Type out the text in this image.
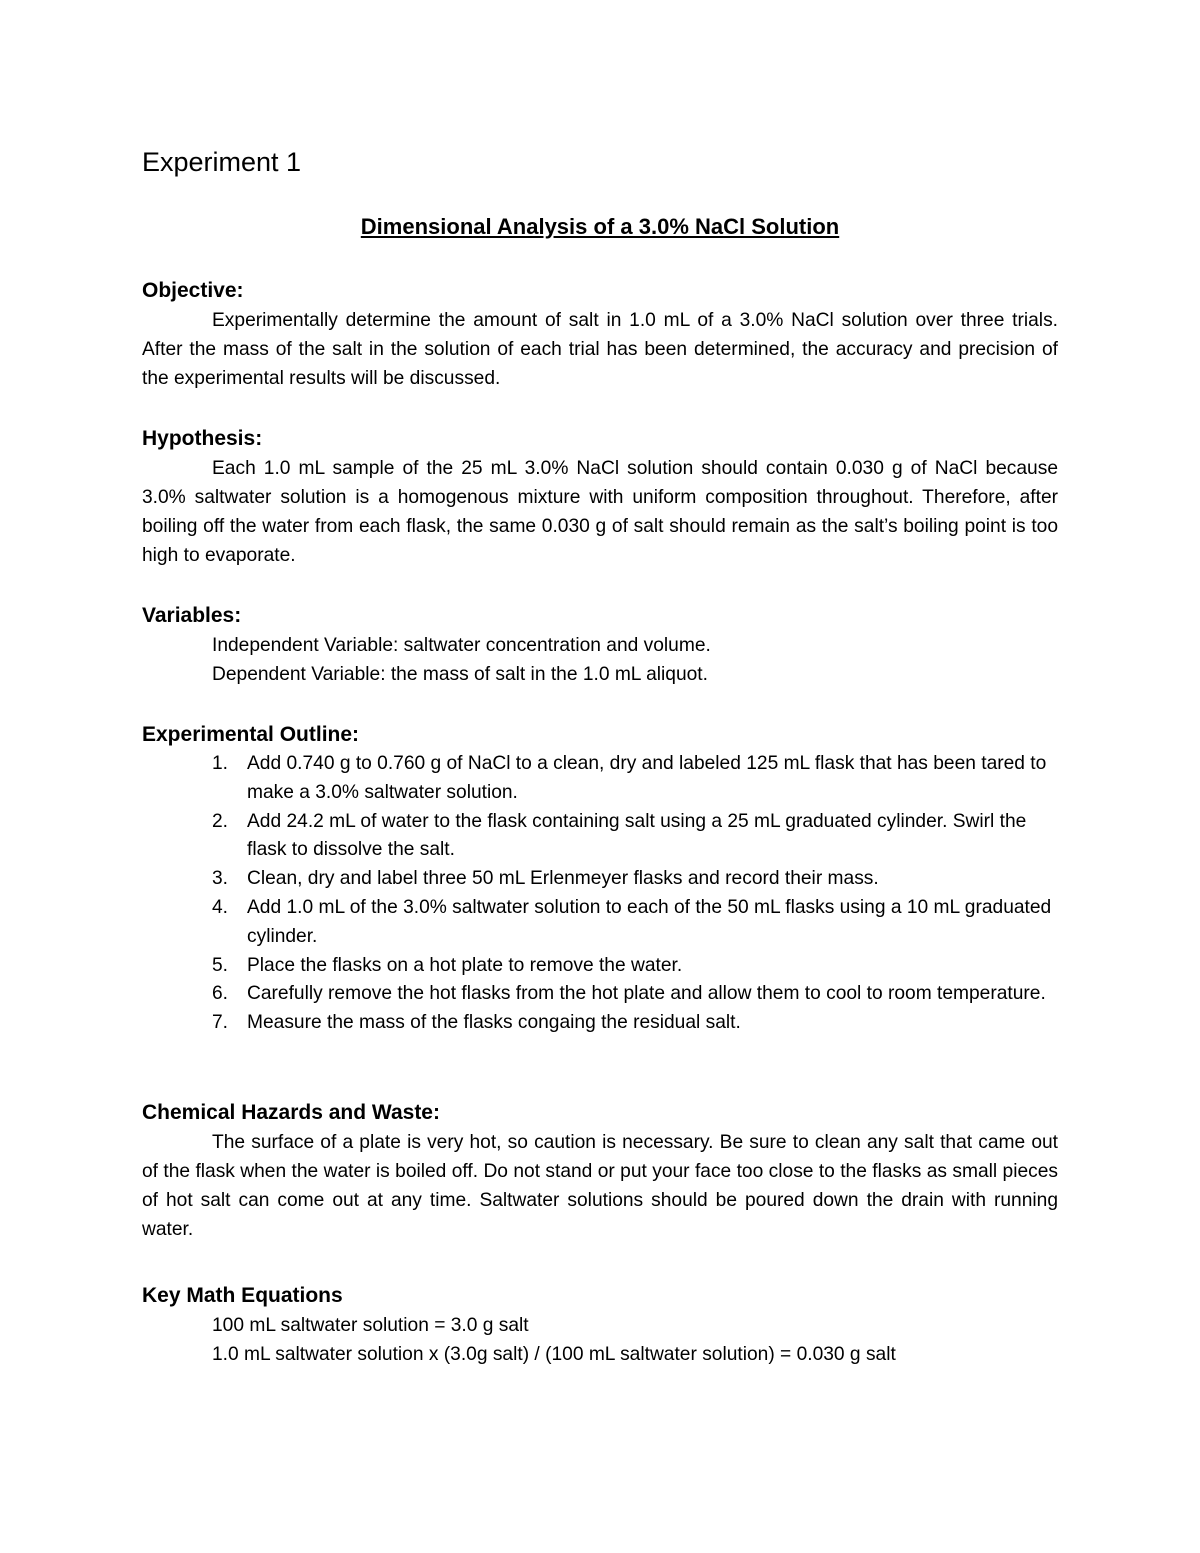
Experiment 1
Dimensional Analysis of a 3.0% NaCl Solution
Objective:
Experimentally determine the amount of salt in 1.0 mL of a 3.0% NaCl solution over three trials. After the mass of the salt in the solution of each trial has been determined, the accuracy and precision of the experimental results will be discussed.
Hypothesis:
Each 1.0 mL sample of the 25 mL 3.0% NaCl solution should contain 0.030 g of NaCl because 3.0% saltwater solution is a homogenous mixture with uniform composition throughout. Therefore, after boiling off the water from each flask, the same 0.030 g of salt should remain as the salt’s boiling point is too high to evaporate.
Variables:
Independent Variable: saltwater concentration and volume.
Dependent Variable: the mass of salt in the 1.0 mL aliquot.
Experimental Outline:
1. Add 0.740 g to 0.760 g of NaCl to a clean, dry and labeled 125 mL flask that has been tared to make a 3.0% saltwater solution.
2. Add 24.2 mL of water to the flask containing salt using a 25 mL graduated cylinder. Swirl the flask to dissolve the salt.
3. Clean, dry and label three 50 mL Erlenmeyer flasks and record their mass.
4. Add 1.0 mL of the 3.0% saltwater solution to each of the 50 mL flasks using a 10 mL graduated cylinder.
5. Place the flasks on a hot plate to remove the water.
6. Carefully remove the hot flasks from the hot plate and allow them to cool to room temperature.
7. Measure the mass of the flasks congaing the residual salt.
Chemical Hazards and Waste:
The surface of a plate is very hot, so caution is necessary. Be sure to clean any salt that came out of the flask when the water is boiled off. Do not stand or put your face too close to the flasks as small pieces of hot salt can come out at any time. Saltwater solutions should be poured down the drain with running water.
Key Math Equations
100 mL saltwater solution = 3.0 g salt
1.0 mL saltwater solution x (3.0g salt) / (100 mL saltwater solution) = 0.030 g salt
